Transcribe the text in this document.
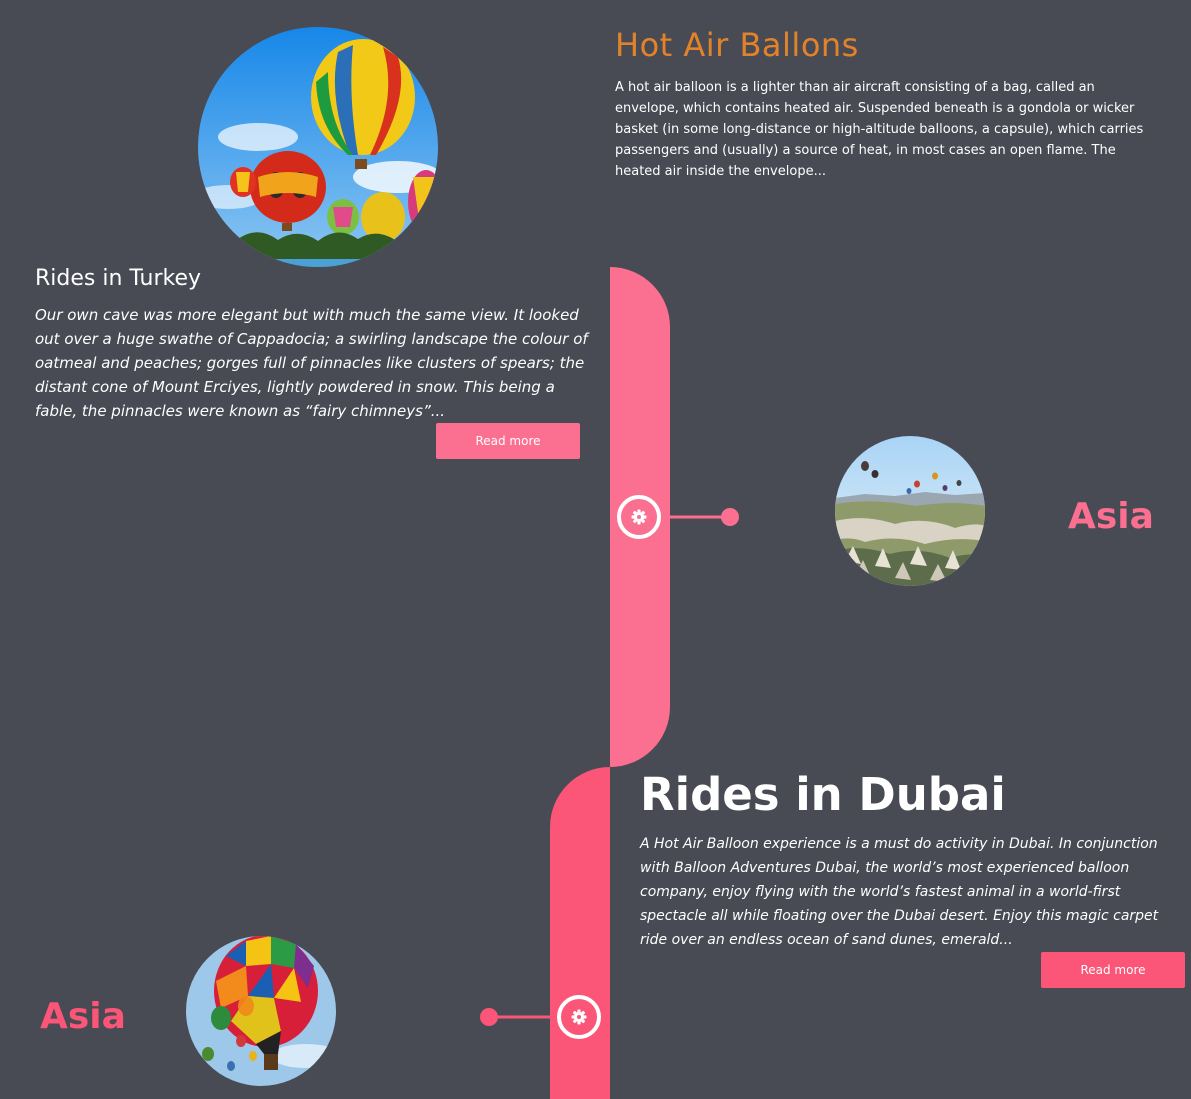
Hot Air Ballons

A hot air balloon is a lighter than air aircraft consisting of a bag, called an envelope, which contains heated air. Suspended beneath is a gondola or wicker basket (in some long-distance or high-altitude balloons, a capsule), which carries passengers and (usually) a source of heat, in most cases an open flame. The heated air inside the envelope...

Rides in Turkey

Our own cave was more elegant but with much the same view. It looked out over a huge swathe of Cappadocia; a swirling landscape the colour of oatmeal and peaches; gorges full of pinnacles like clusters of spears; the distant cone of Mount Erciyes, lightly powdered in snow. This being a fable, the pinnacles were known as “fairy chimneys”...

Read more
Asia
Rides in Dubai

A Hot Air Balloon experience is a must do activity in Dubai. In conjunction with Balloon Adventures Dubai, the world’s most experienced balloon company, enjoy flying with the world’s fastest animal in a world-first spectacle all while floating over the Dubai desert. Enjoy this magic carpet ride over an endless ocean of sand dunes, emerald...

Read more
Asia
